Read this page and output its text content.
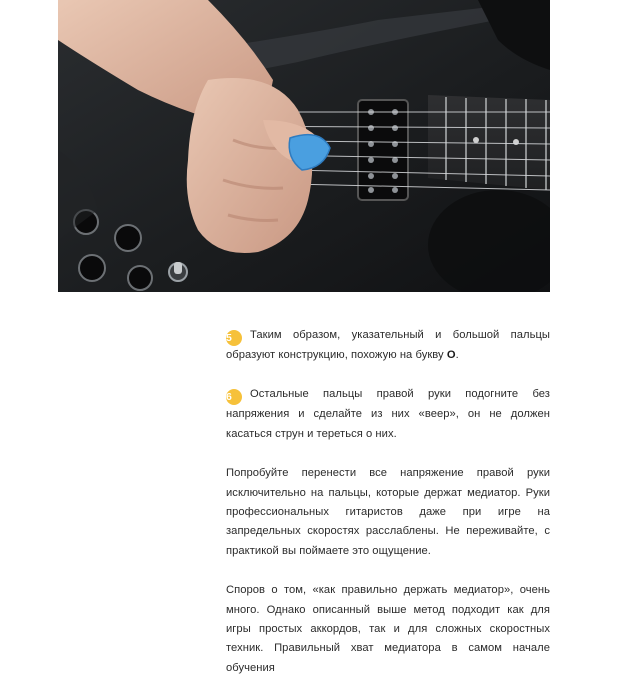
5 Таким образом, указательный и большой пальцы образуют конструкцию, похожую на букву О.

6 Остальные пальцы правой руки подогните без напряжения и сделайте из них «веер», он не должен касаться струн и тереться о них.

Попробуйте перенести все напряжение правой руки исключительно на пальцы, которые держат медиатор. Руки профессиональных гитаристов даже при игре на запредельных скоростях расслаблены. Не переживайте, с практикой вы поймаете это ощущение.

Споров о том, «как правильно держать медиатор», очень много. Однако описанный выше метод подходит как для игры простых аккордов, так и для сложных скоростных техник. Правильный хват медиатора в самом начале обучения
